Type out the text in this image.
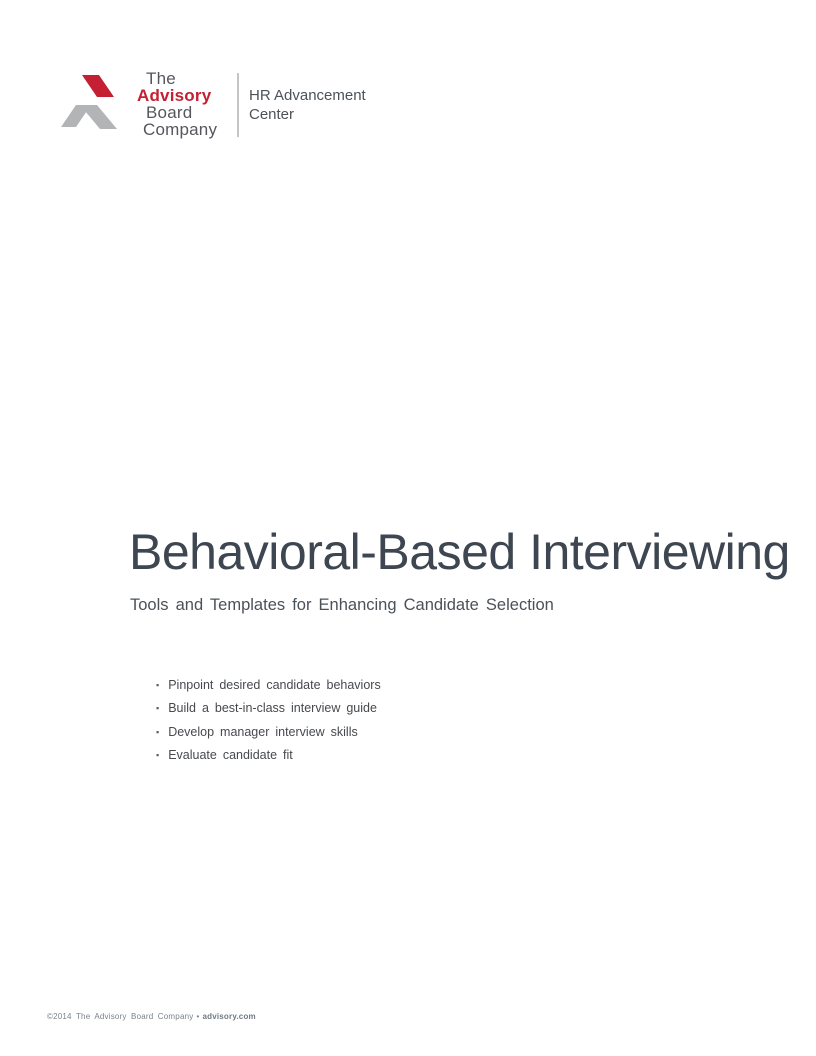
The
Advisory
Board
Company
HR Advancement
Center
Behavioral-Based Interviewing

Tools and Templates for Enhancing Candidate Selection

▪ Pinpoint desired candidate behaviors
▪ Build a best-in-class interview guide
▪ Develop manager interview skills
▪ Evaluate candidate fit
©2014 The Advisory Board Company • advisory.com
